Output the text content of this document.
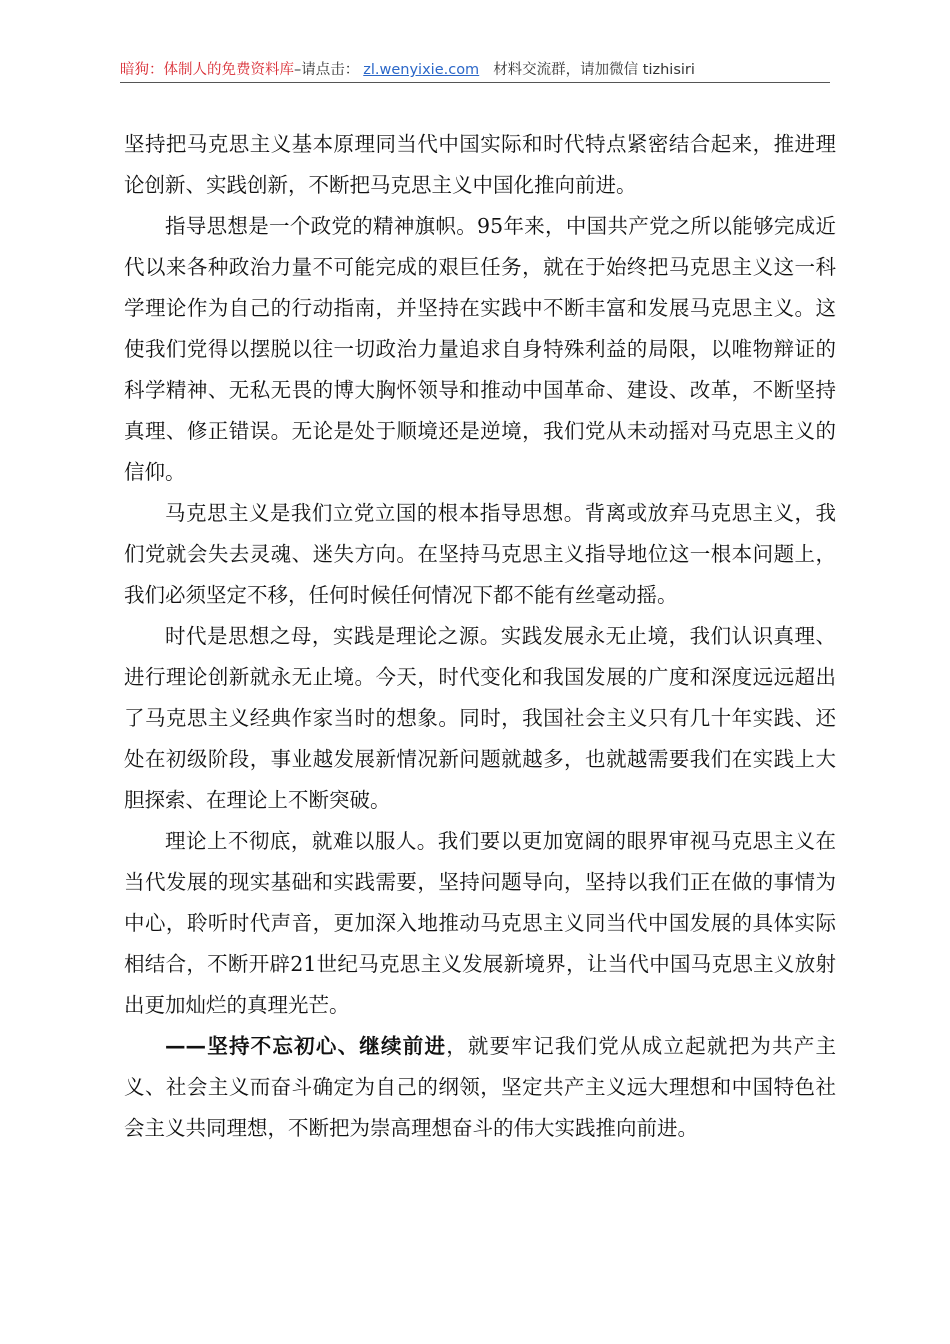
暗狗：体制人的免费资料库–请点击： zl.wenyixie.com 材料交流群，请加微信 tizhisiri

坚持把马克思主义基本原理同当代中国实际和时代特点紧密结合起来，推进理论创新、实践创新，不断把马克思主义中国化推向前进。

指导思想是一个政党的精神旗帜。95年来，中国共产党之所以能够完成近代以来各种政治力量不可能完成的艰巨任务，就在于始终把马克思主义这一科学理论作为自己的行动指南，并坚持在实践中不断丰富和发展马克思主义。这使我们党得以摆脱以往一切政治力量追求自身特殊利益的局限，以唯物辩证的科学精神、无私无畏的博大胸怀领导和推动中国革命、建设、改革，不断坚持真理、修正错误。无论是处于顺境还是逆境，我们党从未动摇对马克思主义的信仰。

马克思主义是我们立党立国的根本指导思想。背离或放弃马克思主义，我们党就会失去灵魂、迷失方向。在坚持马克思主义指导地位这一根本问题上，我们必须坚定不移，任何时候任何情况下都不能有丝毫动摇。

时代是思想之母，实践是理论之源。实践发展永无止境，我们认识真理、进行理论创新就永无止境。今天，时代变化和我国发展的广度和深度远远超出了马克思主义经典作家当时的想象。同时，我国社会主义只有几十年实践、还处在初级阶段，事业越发展新情况新问题就越多，也就越需要我们在实践上大胆探索、在理论上不断突破。

理论上不彻底，就难以服人。我们要以更加宽阔的眼界审视马克思主义在当代发展的现实基础和实践需要，坚持问题导向，坚持以我们正在做的事情为中心，聆听时代声音，更加深入地推动马克思主义同当代中国发展的具体实际相结合，不断开辟21世纪马克思主义发展新境界，让当代中国马克思主义放射出更加灿烂的真理光芒。

——坚持不忘初心、继续前进，就要牢记我们党从成立起就把为共产主义、社会主义而奋斗确定为自己的纲领，坚定共产主义远大理想和中国特色社会主义共同理想，不断把为崇高理想奋斗的伟大实践推向前进。
